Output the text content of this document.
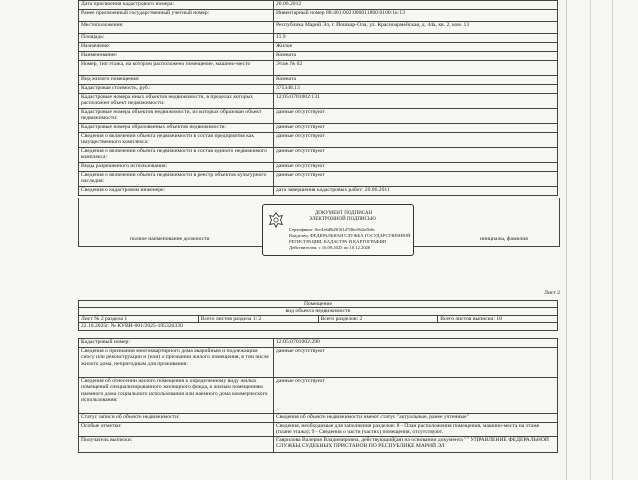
Дата присвоения кадастрового номера:	20.06.2012
Ранее присвоенный государственный учетный номер:	Инвентарный номер 88:401:002:000011860:0100:1к:13
Местоположение:	Республика Марий Эл, г. Йошкар-Ола, ул. Красноармейская, д. 44а, кв. 2, ком. 13
Площадь:	11.9
Назначение:	Жилое
Наименование:	Комната
Номер, тип этажа, на котором расположено помещение, машино-место	Этаж № 02
Вид жилого помещения:	Комната
Кадастровая стоимость, руб.:	375348.13
Кадастровые номера иных объектов недвижимости, в пределах которых расположен объект недвижимости:	12:05:0701002:131
Кадастровые номера объектов недвижимости, из которых образован объект недвижимости:	данные отсутствуют
Кадастровые номера образованных объектов недвижимости:	данные отсутствуют
Сведения о включении объекта недвижимости в состав предприятия как имущественного комплекса:	данные отсутствуют
Сведения о включении объекта недвижимости в состав единого недвижимого комплекса:	данные отсутствуют
Виды разрешенного использования:	данные отсутствуют
Сведения о включении объекта недвижимости в реестр объектов культурного наследия:	данные отсутствуют
Сведения о кадастровом инженере:	дата завершения кадастровых работ: 20.06.2011
полное наименование должности	инициалы, фамилия
ДОКУМЕНТ ПОДПИСАН
ЭЛЕКТРОННОЙ ПОДПИСЬЮ
Сертификат: 0ec4e6d8d3f3f1d7f8ec0b2a5b6c
Владелец: ФЕДЕРАЛЬНАЯ СЛУЖБА ГОСУДАРСТВЕННОЙ
РЕГИСТРАЦИИ, КАДАСТРА И КАРТОГРАФИИ
Действителен: с 16.09.2025 по 10.12.2026
Лист 2
Помещение
вид объекта недвижимости
Лист № 2 раздела 1	Всего листов раздела 1: 2	Всего разделов: 2	Всего листов выписки: 18
22.10.2025г. № КУВИ-001/2025-195326330
Кадастровый номер:	12:05:0701002:290
Сведения о признании многоквартирного дома аварийным и подлежащим сносу или реконструкции и (или) о признании жилого помещения, в том числе жилого дома, непригодным для проживания:	данные отсутствуют
Сведения об отнесении жилого помещения к определенному виду жилых помещений специализированного жилищного фонда, к жилым помещениям наемного дома социального использования или наемного дома коммерческого использования:	данные отсутствуют
Статус записи об объекте недвижимости:	Сведения об объекте недвижимости имеют статус "актуальные, ранее учтенные"
Особые отметки:	Сведения, необходимые для заполнения разделов: 8 - План расположения помещения, машино-места на этаже (плане этажа); 9 - Сведения о части (частях) помещения, отсутствуют.
Получатель выписки:	Гаврилова Валерия Владимировна, действующий(ая) на основании документа "" УПРАВЛЕНИЕ ФЕДЕРАЛЬНОЙ СЛУЖБЫ СУДЕБНЫХ ПРИСТАВОВ ПО РЕСПУБЛИКЕ МАРИЙ ЭЛ
